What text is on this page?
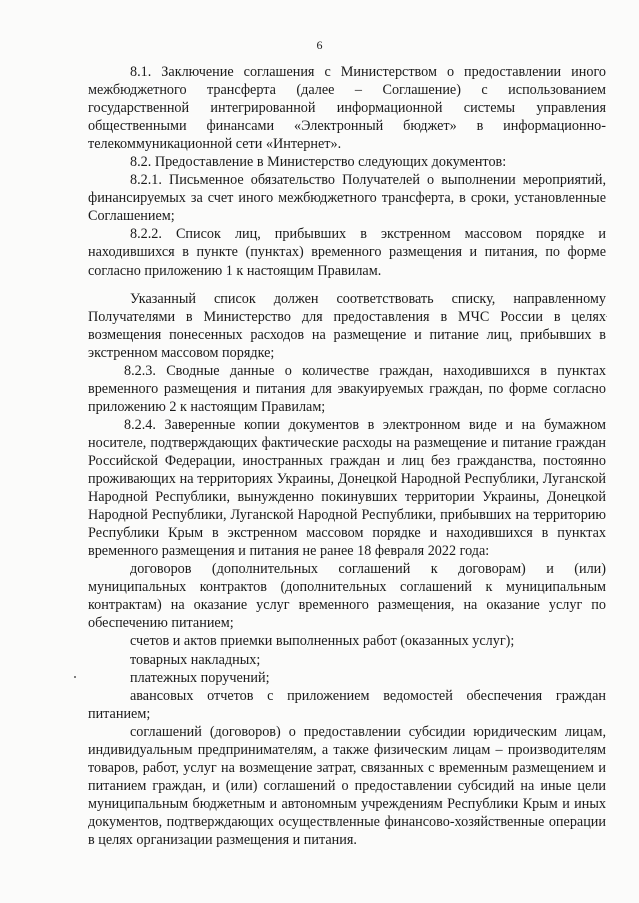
6

8.1. Заключение соглашения с Министерством о предоставлении иного межбюджетного трансферта (далее – Соглашение) с использованием государственной интегрированной информационной системы управления общественными финансами «Электронный бюджет» в информационно-телекоммуникационной сети «Интернет».

8.2. Предоставление в Министерство следующих документов:

8.2.1. Письменное обязательство Получателей о выполнении мероприятий, финансируемых за счет иного межбюджетного трансферта, в сроки, установленные Соглашением;

8.2.2. Список лиц, прибывших в экстренном массовом порядке и находившихся в пункте (пунктах) временного размещения и питания, по форме согласно приложению 1 к настоящим Правилам.

Указанный список должен соответствовать списку, направленному Получателями в Министерство для предоставления в МЧС России в целях возмещения понесенных расходов на размещение и питание лиц, прибывших в экстренном массовом порядке;

8.2.3. Сводные данные о количестве граждан, находившихся в пунктах временного размещения и питания для эвакуируемых граждан, по форме согласно приложению 2 к настоящим Правилам;

8.2.4. Заверенные копии документов в электронном виде и на бумажном носителе, подтверждающих фактические расходы на размещение и питание граждан Российской Федерации, иностранных граждан и лиц без гражданства, постоянно проживающих на территориях Украины, Донецкой Народной Республики, Луганской Народной Республики, вынужденно покинувших территории Украины, Донецкой Народной Республики, Луганской Народной Республики, прибывших на территорию Республики Крым в экстренном массовом порядке и находившихся в пунктах временного размещения и питания не ранее 18 февраля 2022 года:

договоров (дополнительных соглашений к договорам) и (или) муниципальных контрактов (дополнительных соглашений к муниципальным контрактам) на оказание услуг временного размещения, на оказание услуг по обеспечению питанием;

счетов и актов приемки выполненных работ (оказанных услуг);

товарных накладных;

платежных поручений;

авансовых отчетов с приложением ведомостей обеспечения граждан питанием;

соглашений (договоров) о предоставлении субсидии юридическим лицам, индивидуальным предпринимателям, а также физическим лицам – производителям товаров, работ, услуг на возмещение затрат, связанных с временным размещением и питанием граждан, и (или) соглашений о предоставлении субсидий на иные цели муниципальным бюджетным и автономным учреждениям Республики Крым и иных документов, подтверждающих осуществленные финансово-хозяйственные операции в целях организации размещения и питания.
